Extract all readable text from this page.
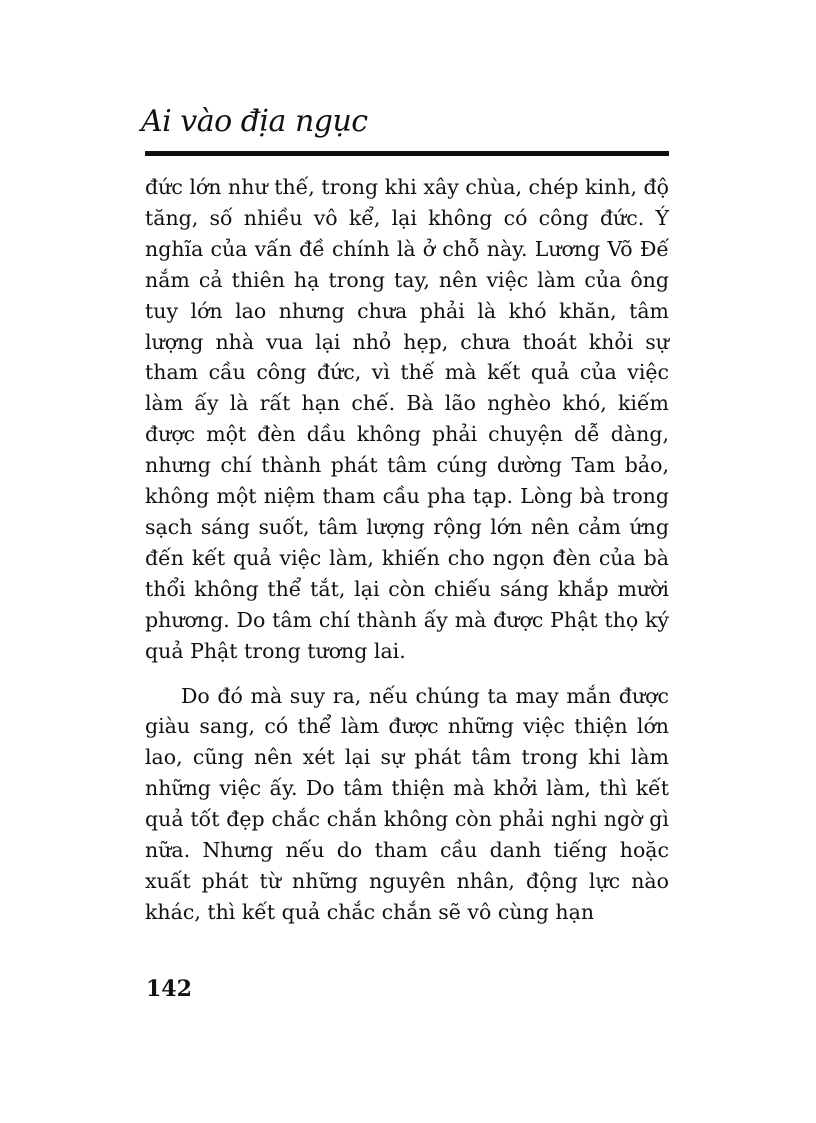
Ai vào địa ngục

đức lớn như thế, trong khi xây chùa, chép kinh, độ tăng, số nhiều vô kể, lại không có công đức. Ý nghĩa của vấn đề chính là ở chỗ này. Lương Võ Đế nắm cả thiên hạ trong tay, nên việc làm của ông tuy lớn lao nhưng chưa phải là khó khăn, tâm lượng nhà vua lại nhỏ hẹp, chưa thoát khỏi sự tham cầu công đức, vì thế mà kết quả của việc làm ấy là rất hạn chế. Bà lão nghèo khó, kiếm được một đèn dầu không phải chuyện dễ dàng, nhưng chí thành phát tâm cúng dường Tam bảo, không một niệm tham cầu pha tạp. Lòng bà trong sạch sáng suốt, tâm lượng rộng lớn nên cảm ứng đến kết quả việc làm, khiến cho ngọn đèn của bà thổi không thể tắt, lại còn chiếu sáng khắp mười phương. Do tâm chí thành ấy mà được Phật thọ ký quả Phật trong tương lai.

Do đó mà suy ra, nếu chúng ta may mắn được giàu sang, có thể làm được những việc thiện lớn lao, cũng nên xét lại sự phát tâm trong khi làm những việc ấy. Do tâm thiện mà khởi làm, thì kết quả tốt đẹp chắc chắn không còn phải nghi ngờ gì nữa. Nhưng nếu do tham cầu danh tiếng hoặc xuất phát từ những nguyên nhân, động lực nào khác, thì kết quả chắc chắn sẽ vô cùng hạn

142
